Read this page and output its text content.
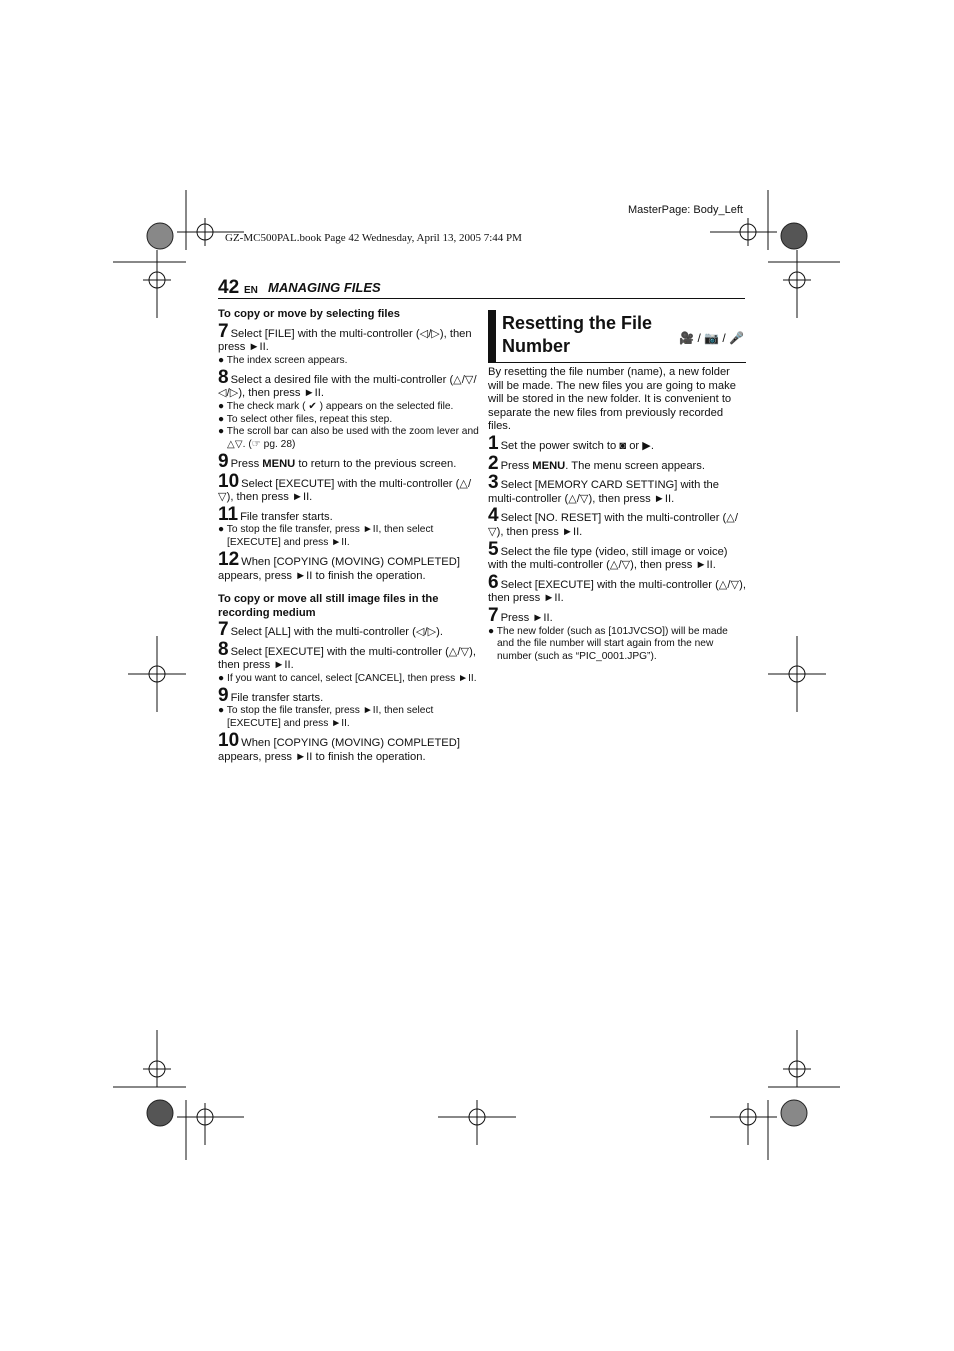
MasterPage: Body_Left
GZ-MC500PAL.book Page 42 Wednesday, April 13, 2005 7:44 PM
42 EN MANAGING FILES

To copy or move by selecting files

7 Select [FILE] with the multi-controller (◁/▷), then press ►II.

● The index screen appears.

8 Select a desired file with the multi-controller (△/▽/◁/▷), then press ►II.

● The check mark ( ✔ ) appears on the selected file.

● To select other files, repeat this step.

● The scroll bar can also be used with the zoom lever and △▽. (☞ pg. 28)

9 Press MENU to return to the previous screen.

10 Select [EXECUTE] with the multi-controller (△/▽), then press ►II.

11 File transfer starts.

● To stop the file transfer, press ►II, then select [EXECUTE] and press ►II.

12 When [COPYING (MOVING) COMPLETED] appears, press ►II to finish the operation.

To copy or move all still image files in the recording medium

7 Select [ALL] with the multi-controller (◁/▷).

8 Select [EXECUTE] with the multi-controller (△/▽), then press ►II.

● If you want to cancel, select [CANCEL], then press ►II.

9 File transfer starts.

● To stop the file transfer, press ►II, then select [EXECUTE] and press ►II.

10 When [COPYING (MOVING) COMPLETED] appears, press ►II to finish the operation.

Resetting the File
Number	🎥 / 📷 / 🎤

By resetting the file number (name), a new folder will be made. The new files you are going to make will be stored in the new folder. It is convenient to separate the new files from previously recorded files.

1 Set the power switch to ◙ or ▶.

2 Press MENU. The menu screen appears.

3 Select [MEMORY CARD SETTING] with the multi-controller (△/▽), then press ►II.

4 Select [NO. RESET] with the multi-controller (△/▽), then press ►II.

5 Select the file type (video, still image or voice) with the multi-controller (△/▽), then press ►II.

6 Select [EXECUTE] with the multi-controller (△/▽), then press ►II.

7 Press ►II.

● The new folder (such as [101JVCSO]) will be made and the file number will start again from the new number (such as “PIC_0001.JPG”).
